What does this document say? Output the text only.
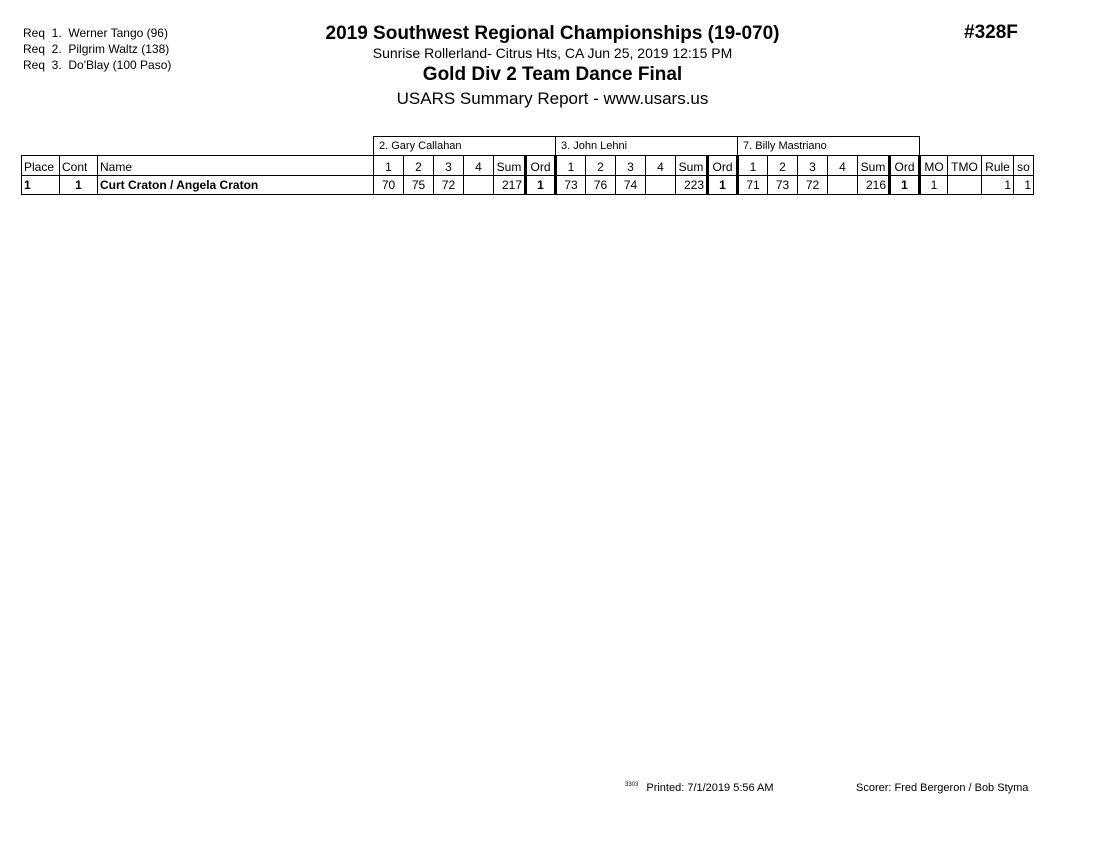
Req  1.  Werner Tango (96)
Req  2.  Pilgrim Waltz (138)
Req  3.  Do'Blay (100 Paso)
2019 Southwest Regional Championships (19-070)
Sunrise Rollerland- Citrus Hts, CA Jun 25, 2019 12:15 PM
Gold Div 2 Team Dance Final
USARS Summary Report - www.usars.us
#328F
			2. Gary Callahan						3. John Lehni						7. Billy Mastriano									
Place	Cont	Name	1	2	3	4	Sum	Ord	1	2	3	4	Sum	Ord	1	2	3	4	Sum	Ord	MO	TMO	Rule	so
1	1	Curt Craton / Angela Craton	70	75	72		217	1	73	76	74		223	1	71	73	72		216	1	1		1	1
$^{3303}$ Printed: 7/1/2019 5:56 AM	Scorer: Fred Bergeron / Bob Styma
